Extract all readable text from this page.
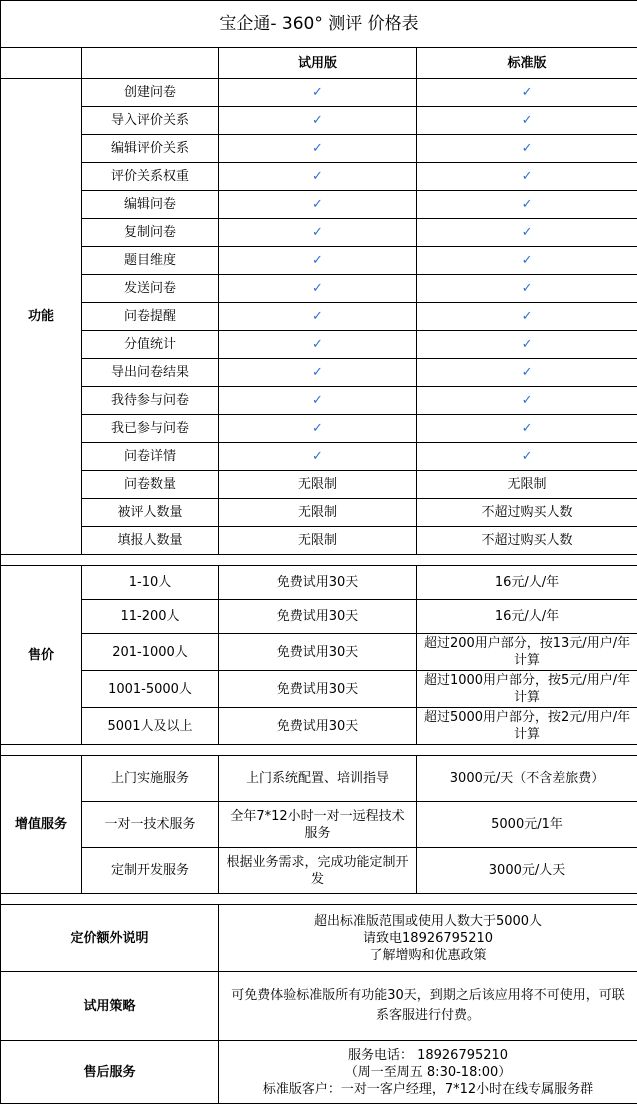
宝企通- 360° 测评 价格表			
		试用版	标准版
功能	创建问卷	✓	✓
	导入评价关系	✓	✓
	编辑评价关系	✓	✓
	评价关系权重	✓	✓
	编辑问卷	✓	✓
	复制问卷	✓	✓
	题目维度	✓	✓
	发送问卷	✓	✓
	问卷提醒	✓	✓
	分值统计	✓	✓
	导出问卷结果	✓	✓
	我待参与问卷	✓	✓
	我已参与问卷	✓	✓
	问卷详情	✓	✓
	问卷数量	无限制	无限制
	被评人数量	无限制	不超过购买人数
	填报人数量	无限制	不超过购买人数

售价	1-10人	免费试用30天	16元/人/年
	11-200人	免费试用30天	16元/人/年
	201-1000人	免费试用30天	超过200用户部分，按13元/用户/年计算
	1001-5000人	免费试用30天	超过1000用户部分，按5元/用户/年计算
	5001人及以上	免费试用30天	超过5000用户部分，按2元/用户/年计算

增值服务	上门实施服务	上门系统配置、培训指导	3000元/天（不含差旅费）
	一对一技术服务	全年7*12小时一对一远程技术服务	5000元/1年
	定制开发服务	根据业务需求，完成功能定制开发	3000元/人天

定价额外说明		超出标准版范围或使用人数大于5000人
请致电18926795210
了解增购和优惠政策	

试用策略		可免费体验标准版所有功能30天，到期之后该应用将不可使用，可联系客服进行付费。	
售后服务		服务电话： 18926795210
（周一至周五 8:30-18:00）
标准版客户：一对一客户经理，7*12小时在线专属服务群	
